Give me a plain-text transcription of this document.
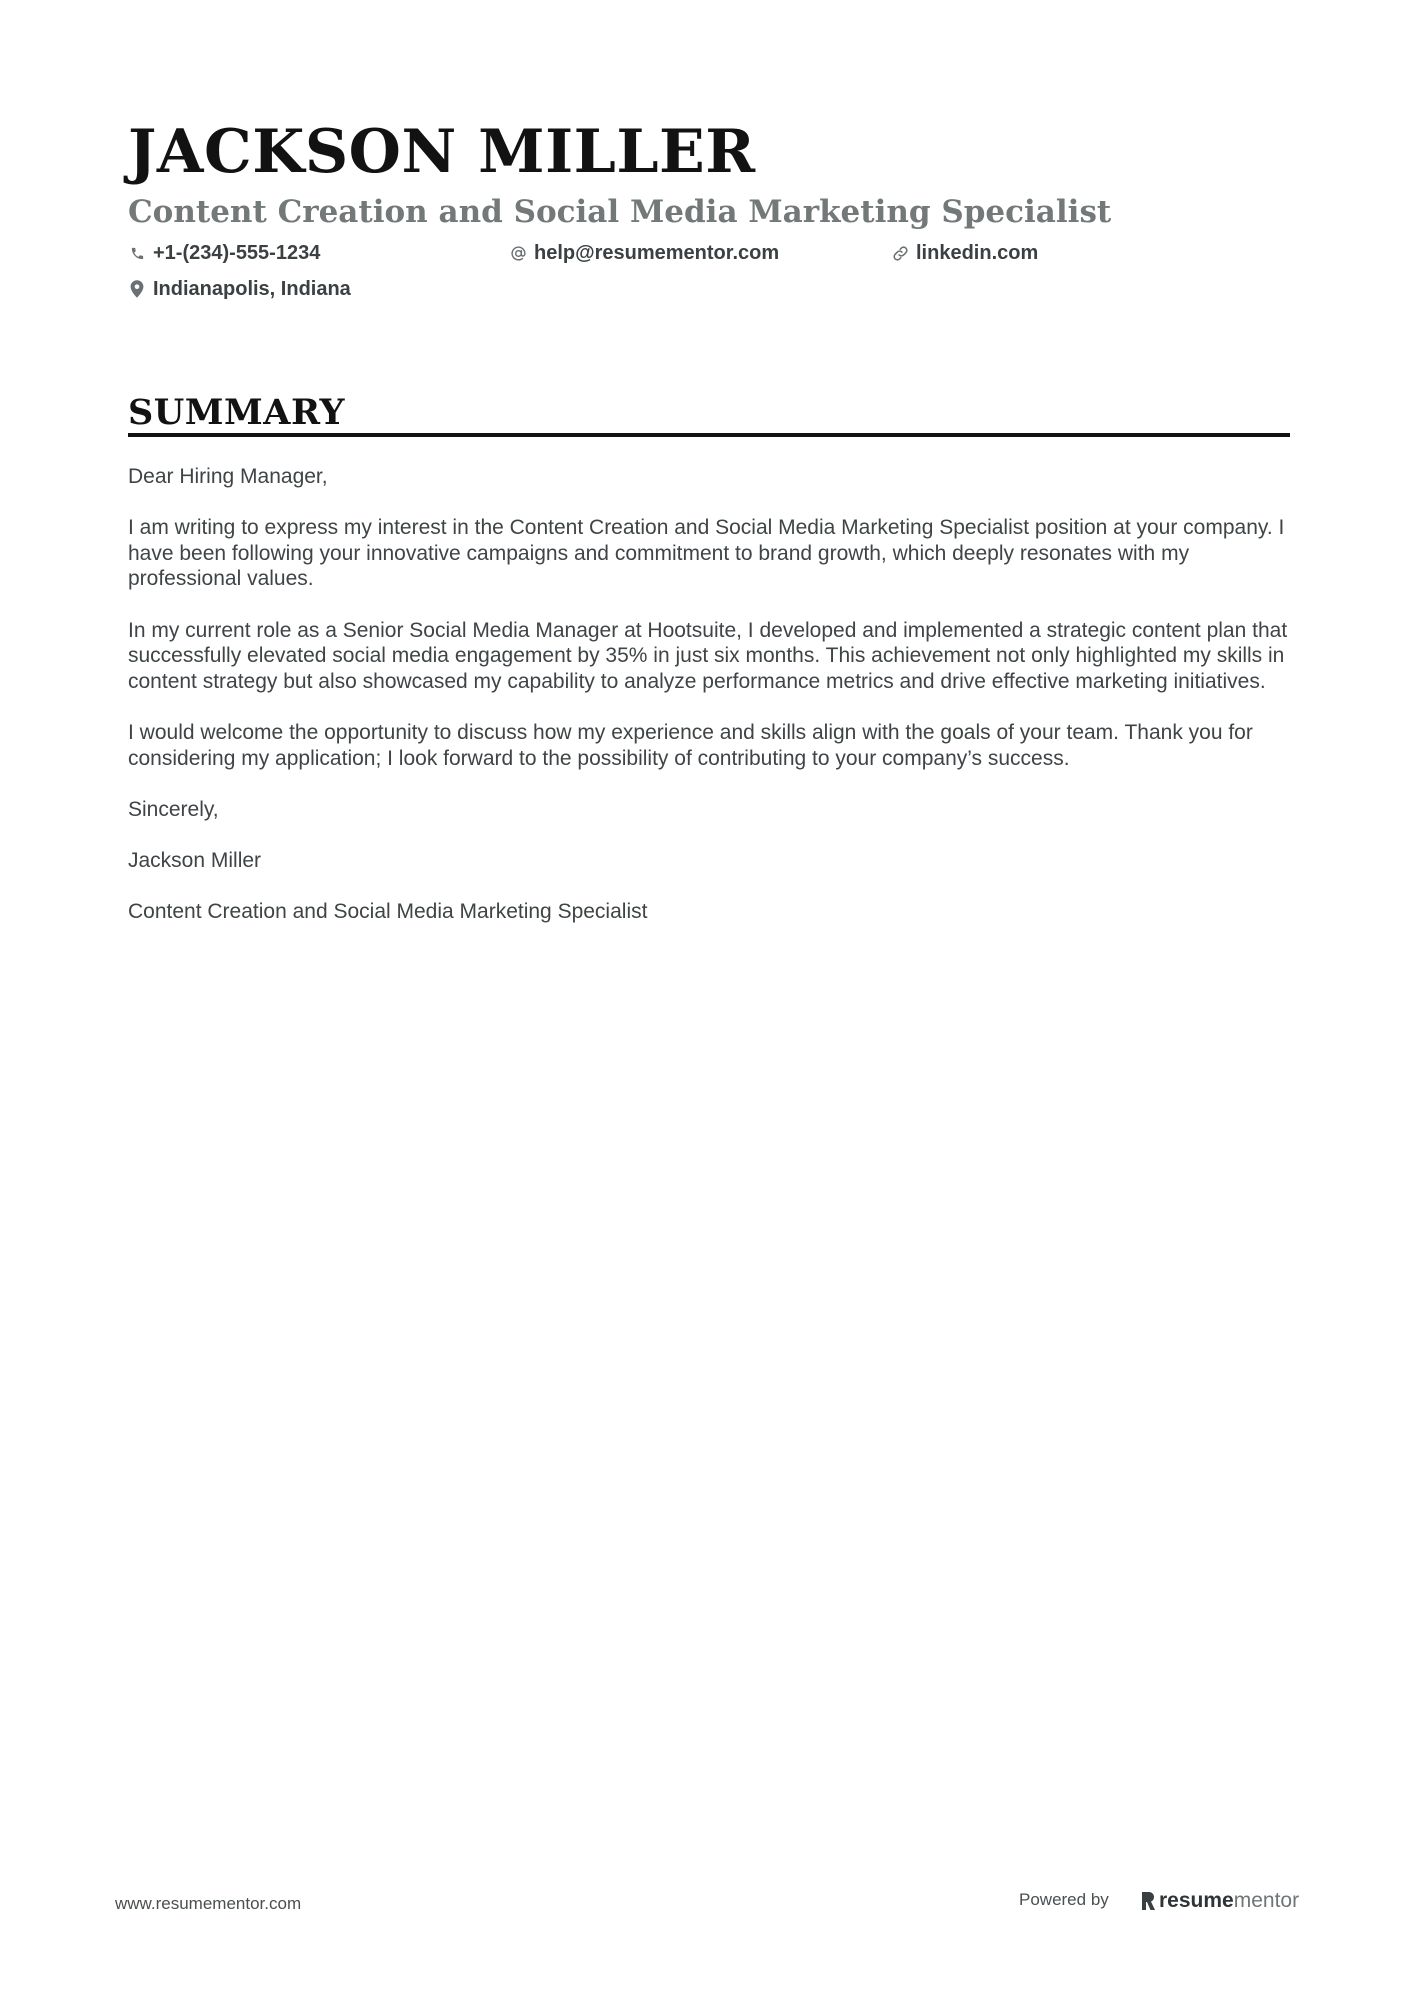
JACKSON MILLER
Content Creation and Social Media Marketing Specialist
+1-(234)-555-1234	help@resumementor.com	linkedin.com
Indianapolis, Indiana
SUMMARY

Dear Hiring Manager,

I am writing to express my interest in the Content Creation and Social Media Marketing Specialist position at your company. I have been following your innovative campaigns and commitment to brand growth, which deeply resonates with my professional values.

In my current role as a Senior Social Media Manager at Hootsuite, I developed and implemented a strategic content plan that successfully elevated social media engagement by 35% in just six months. This achievement not only highlighted my skills in content strategy but also showcased my capability to analyze performance metrics and drive effective marketing initiatives.

I would welcome the opportunity to discuss how my experience and skills align with the goals of your team. Thank you for considering my application; I look forward to the possibility of contributing to your company’s success.

Sincerely,

Jackson Miller

Content Creation and Social Media Marketing Specialist

www.resumementor.com	Powered by resume mentor
